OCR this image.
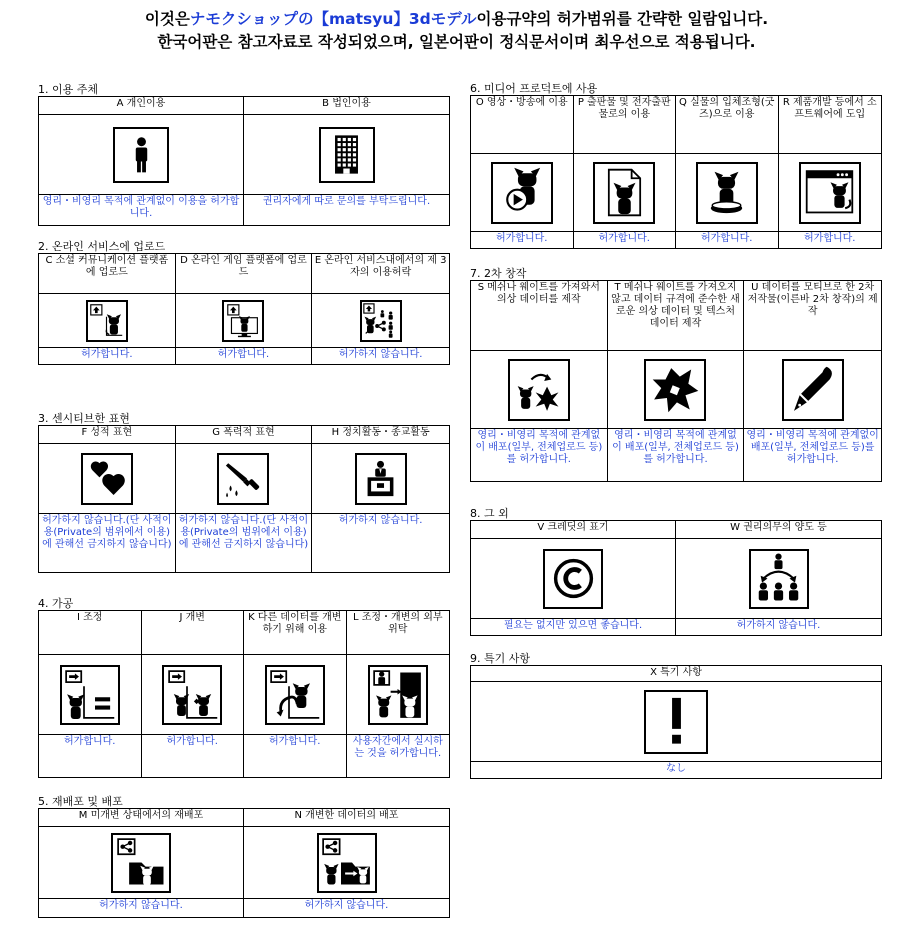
이것은ナモクショップの【matsyu】3dモデル이용규약의 허가범위를 간략한 일람입니다.
한국어판은 참고자료로 작성되었으며, 일본어판이 정식문서이며 최우선으로 적용됩니다.
1. 이용 주체
A 개인이용
영리・비영리 목적에 관계없이 이용을 허가합니다.
B 법인이용
권리자에게 따로 문의를 부탁드립니다.
2. 온라인 서비스에 업로드
C 소셜 커뮤니케이션 플랫폼에 업로드
허가합니다.
D 온라인 게임 플랫폼에 업로드
허가합니다.
E 온라인 서비스내에서의 제 3자의 이용허락
허가하지 않습니다.
3. 센시티브한 표현
F 성적 표현
허가하지 않습니다.(단 사적이용(Private의 범위에서 이용)에 관해선 금지하지 않습니다)
G 폭력적 표현
허가하지 않습니다.(단 사적이용(Private의 범위에서 이용)에 관해선 금지하지 않습니다)
H 정치활동・종교활동
허가하지 않습니다.
4. 가공
I 조정
허가합니다.
J 개변
허가합니다.
K 다른 데이터를 개변하기 위해 이용
허가합니다.
L 조정・개변의 외부위탁
사용자간에서 실시하는 것을 허가합니다.
5. 재배포 및 배포
M 미개변 상태에서의 재배포
허가하지 않습니다.
N 개변한 데이터의 배포
허가하지 않습니다.
6. 미디어 프로덕트에 사용
O 영상・방송에 이용
허가합니다.
P 출판물 및 전자출판물로의 이용
허가합니다.
Q 실물의 입체조형(굿즈)으로 이용
허가합니다.
R 제품개발 등에서 소프트웨어에 도입
허가합니다.
7. 2차 창작
S 메쉬나 웨이트를 가져와서 의상 데이터를 제작
영리・비영리 목적에 관계없이 배포(일부, 전체업로드 등)를 허가합니다.
T 메쉬나 웨이트를 가져오지 않고 데이터 규격에 준수한 새로운 의상 데이터 및 텍스처 데이터 제작
영리・비영리 목적에 관계없이 배포(일부, 전체업로드 등)를 허가합니다.
U 데이터를 모티브로 한 2차 저작물(이른바 2차 창작)의 제작
영리・비영리 목적에 관계없이 배포(일부, 전체업로드 등)를 허가합니다.
8. 그 외
V 크레딧의 표기
필요는 없지만 있으면 좋습니다.
W 권리의무의 양도 등
허가하지 않습니다.
9. 특기 사항
X 특기 사항
なし
